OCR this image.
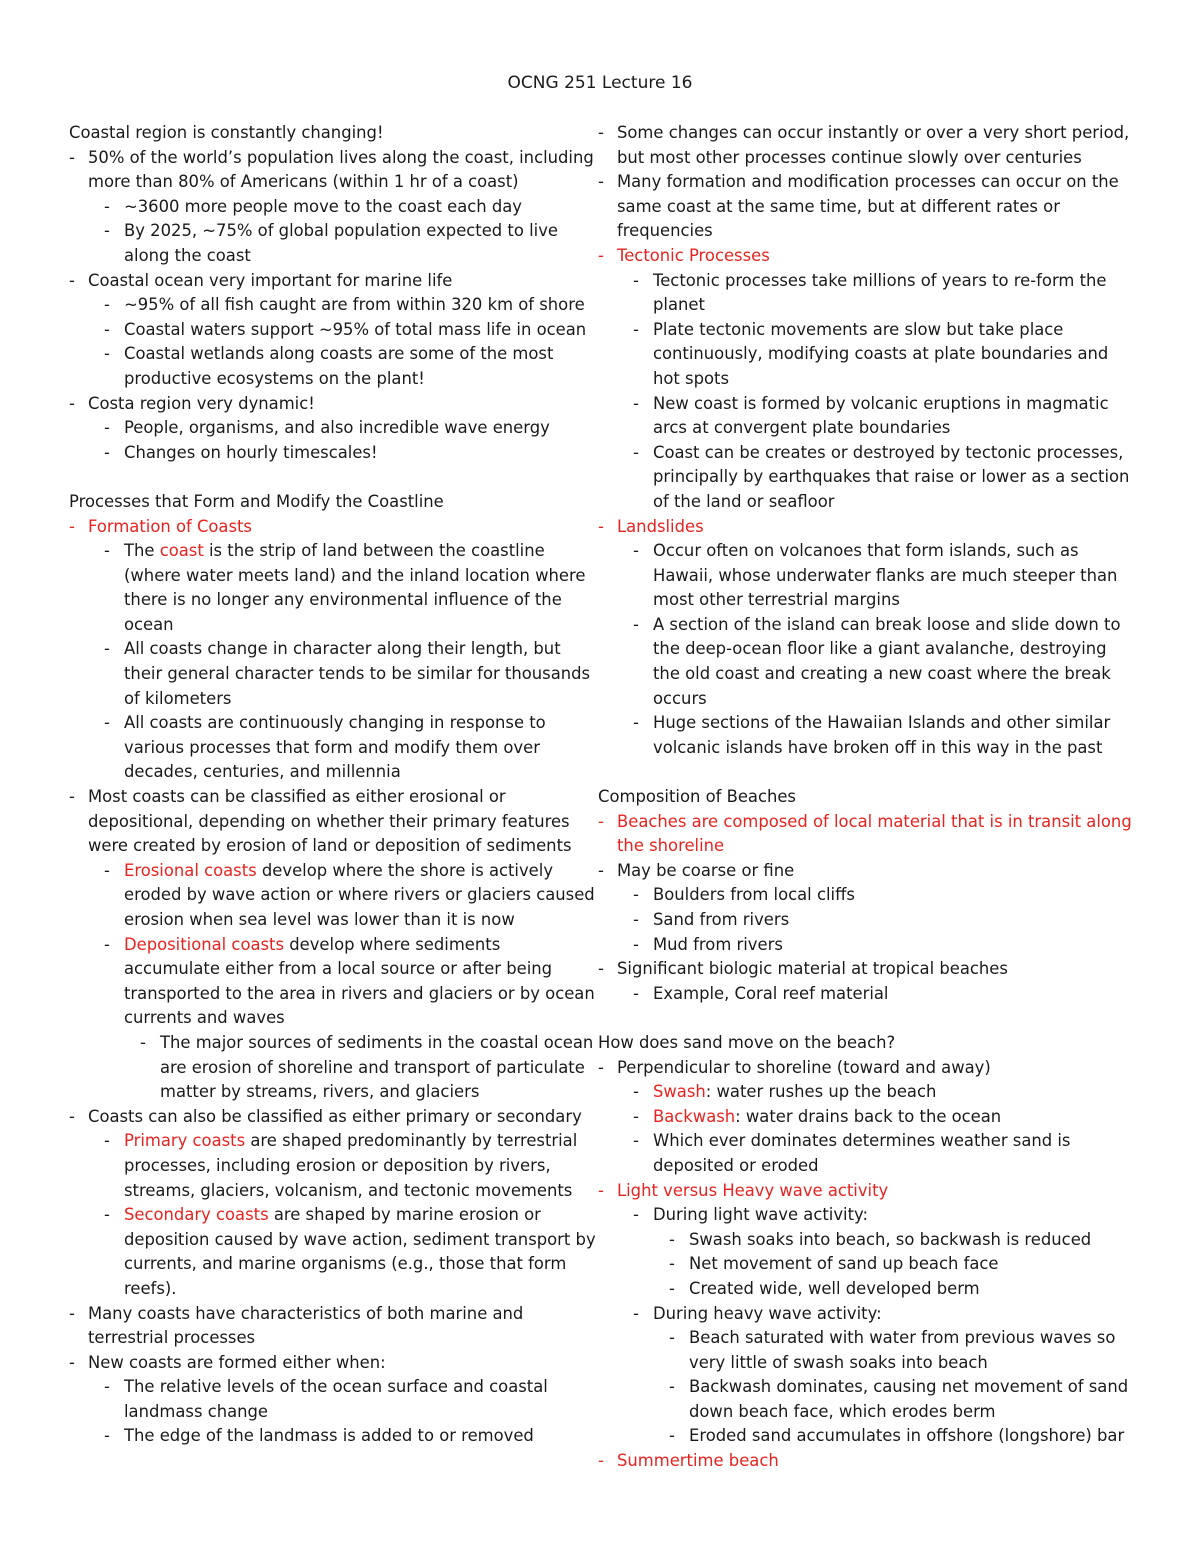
OCNG 251 Lecture 16
Coastal region is constantly changing!
- 50% of the world’s population lives along the coast, including more than 80% of Americans (within 1 hr of a coast)
- ~3600 more people move to the coast each day
- By 2025, ~75% of global population expected to live along the coast
- Coastal ocean very important for marine life
- ~95% of all fish caught are from within 320 km of shore
- Coastal waters support ~95% of total mass life in ocean
- Coastal wetlands along coasts are some of the most productive ecosystems on the plant!
- Costa region very dynamic!
- People, organisms, and also incredible wave energy
- Changes on hourly timescales!
Processes that Form and Modify the Coastline
- Formation of Coasts
- The coast is the strip of land between the coastline (where water meets land) and the inland location where there is no longer any environmental influence of the ocean
- All coasts change in character along their length, but their general character tends to be similar for thousands of kilometers
- All coasts are continuously changing in response to various processes that form and modify them over decades, centuries, and millennia
- Most coasts can be classified as either erosional or depositional, depending on whether their primary features were created by erosion of land or deposition of sediments
- Erosional coasts develop where the shore is actively eroded by wave action or where rivers or glaciers caused erosion when sea level was lower than it is now
- Depositional coasts develop where sediments accumulate either from a local source or after being transported to the area in rivers and glaciers or by ocean currents and waves
- The major sources of sediments in the coastal ocean are erosion of shoreline and transport of particulate matter by streams, rivers, and glaciers
- Coasts can also be classified as either primary or secondary
- Primary coasts are shaped predominantly by terrestrial processes, including erosion or deposition by rivers, streams, glaciers, volcanism, and tectonic movements
- Secondary coasts are shaped by marine erosion or deposition caused by wave action, sediment transport by currents, and marine organisms (e.g., those that form reefs).
- Many coasts have characteristics of both marine and terrestrial processes
- New coasts are formed either when:
- The relative levels of the ocean surface and coastal landmass change
- The edge of the landmass is added to or removed
- Some changes can occur instantly or over a very short period, but most other processes continue slowly over centuries
- Many formation and modification processes can occur on the same coast at the same time, but at different rates or frequencies
- Tectonic Processes
- Tectonic processes take millions of years to re-form the planet
- Plate tectonic movements are slow but take place continuously, modifying coasts at plate boundaries and hot spots
- New coast is formed by volcanic eruptions in magmatic arcs at convergent plate boundaries
- Coast can be creates or destroyed by tectonic processes, principally by earthquakes that raise or lower as a section of the land or seafloor
- Landslides
- Occur often on volcanoes that form islands, such as Hawaii, whose underwater flanks are much steeper than most other terrestrial margins
- A section of the island can break loose and slide down to the deep-ocean floor like a giant avalanche, destroying the old coast and creating a new coast where the break occurs
- Huge sections of the Hawaiian Islands and other similar volcanic islands have broken off in this way in the past
Composition of Beaches
- Beaches are composed of local material that is in transit along the shoreline
- May be coarse or fine
- Boulders from local cliffs
- Sand from rivers
- Mud from rivers
- Significant biologic material at tropical beaches
- Example, Coral reef material
How does sand move on the beach?
- Perpendicular to shoreline (toward and away)
- Swash: water rushes up the beach
- Backwash: water drains back to the ocean
- Which ever dominates determines weather sand is deposited or eroded
- Light versus Heavy wave activity
- During light wave activity:
- Swash soaks into beach, so backwash is reduced
- Net movement of sand up beach face
- Created wide, well developed berm
- During heavy wave activity:
- Beach saturated with water from previous waves so very little of swash soaks into beach
- Backwash dominates, causing net movement of sand down beach face, which erodes berm
- Eroded sand accumulates in offshore (longshore) bar
- Summertime beach
